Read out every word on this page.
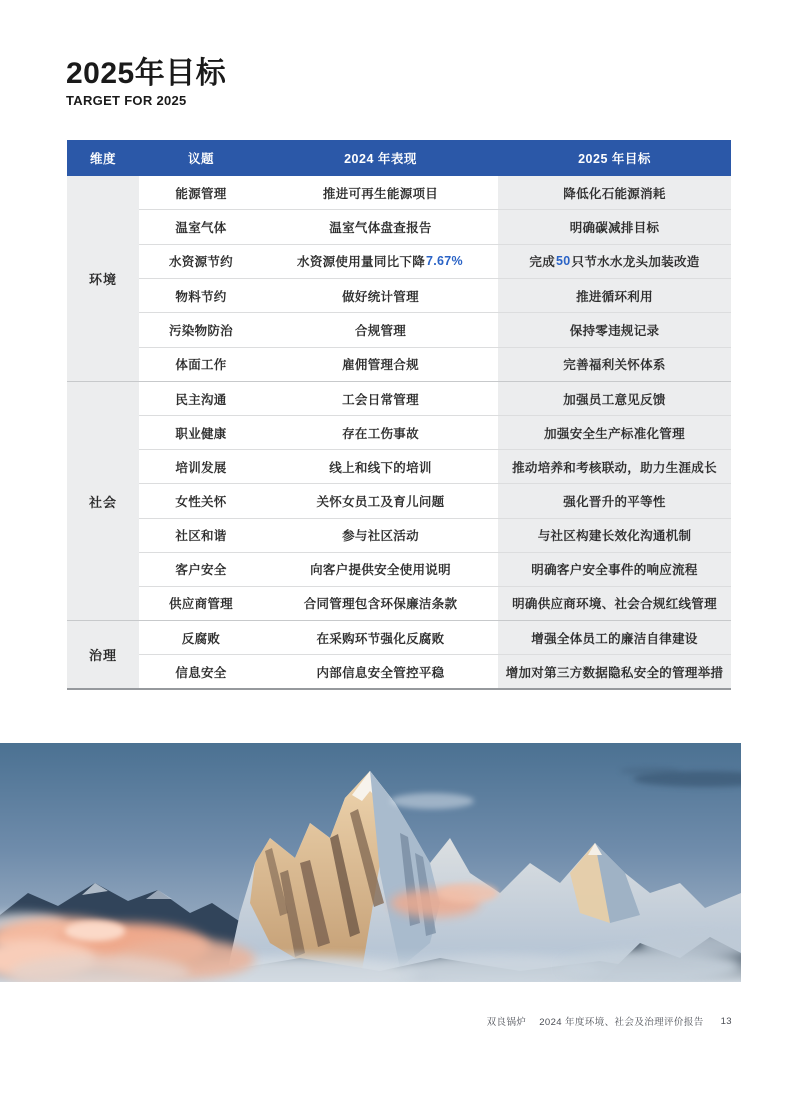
2025年目标
TARGET FOR 2025
维度	议题	2024 年表现	2025 年目标
环境
能源管理	推进可再生能源项目	降低化石能源消耗
温室气体	温室气体盘查报告	明确碳减排目标
水资源节约	水资源使用量同比下降 7.67%	完成 50 只节水水龙头加装改造
物料节约	做好统计管理	推进循环利用
污染物防治	合规管理	保持零违规记录
体面工作	雇佣管理合规	完善福利关怀体系
社会
民主沟通	工会日常管理	加强员工意见反馈
职业健康	存在工伤事故	加强安全生产标准化管理
培训发展	线上和线下的培训	推动培养和考核联动，助力生涯成长
女性关怀	关怀女员工及育儿问题	强化晋升的平等性
社区和谐	参与社区活动	与社区构建长效化沟通机制
客户安全	向客户提供安全使用说明	明确客户安全事件的响应流程
供应商管理	合同管理包含环保廉洁条款	明确供应商环境、社会合规红线管理
治理
反腐败	在采购环节强化反腐败	增强全体员工的廉洁自律建设
信息安全	内部信息安全管控平稳	增加对第三方数据隐私安全的管理举措
双良锅炉 2024 年度环境、社会及治理评价报告 13
